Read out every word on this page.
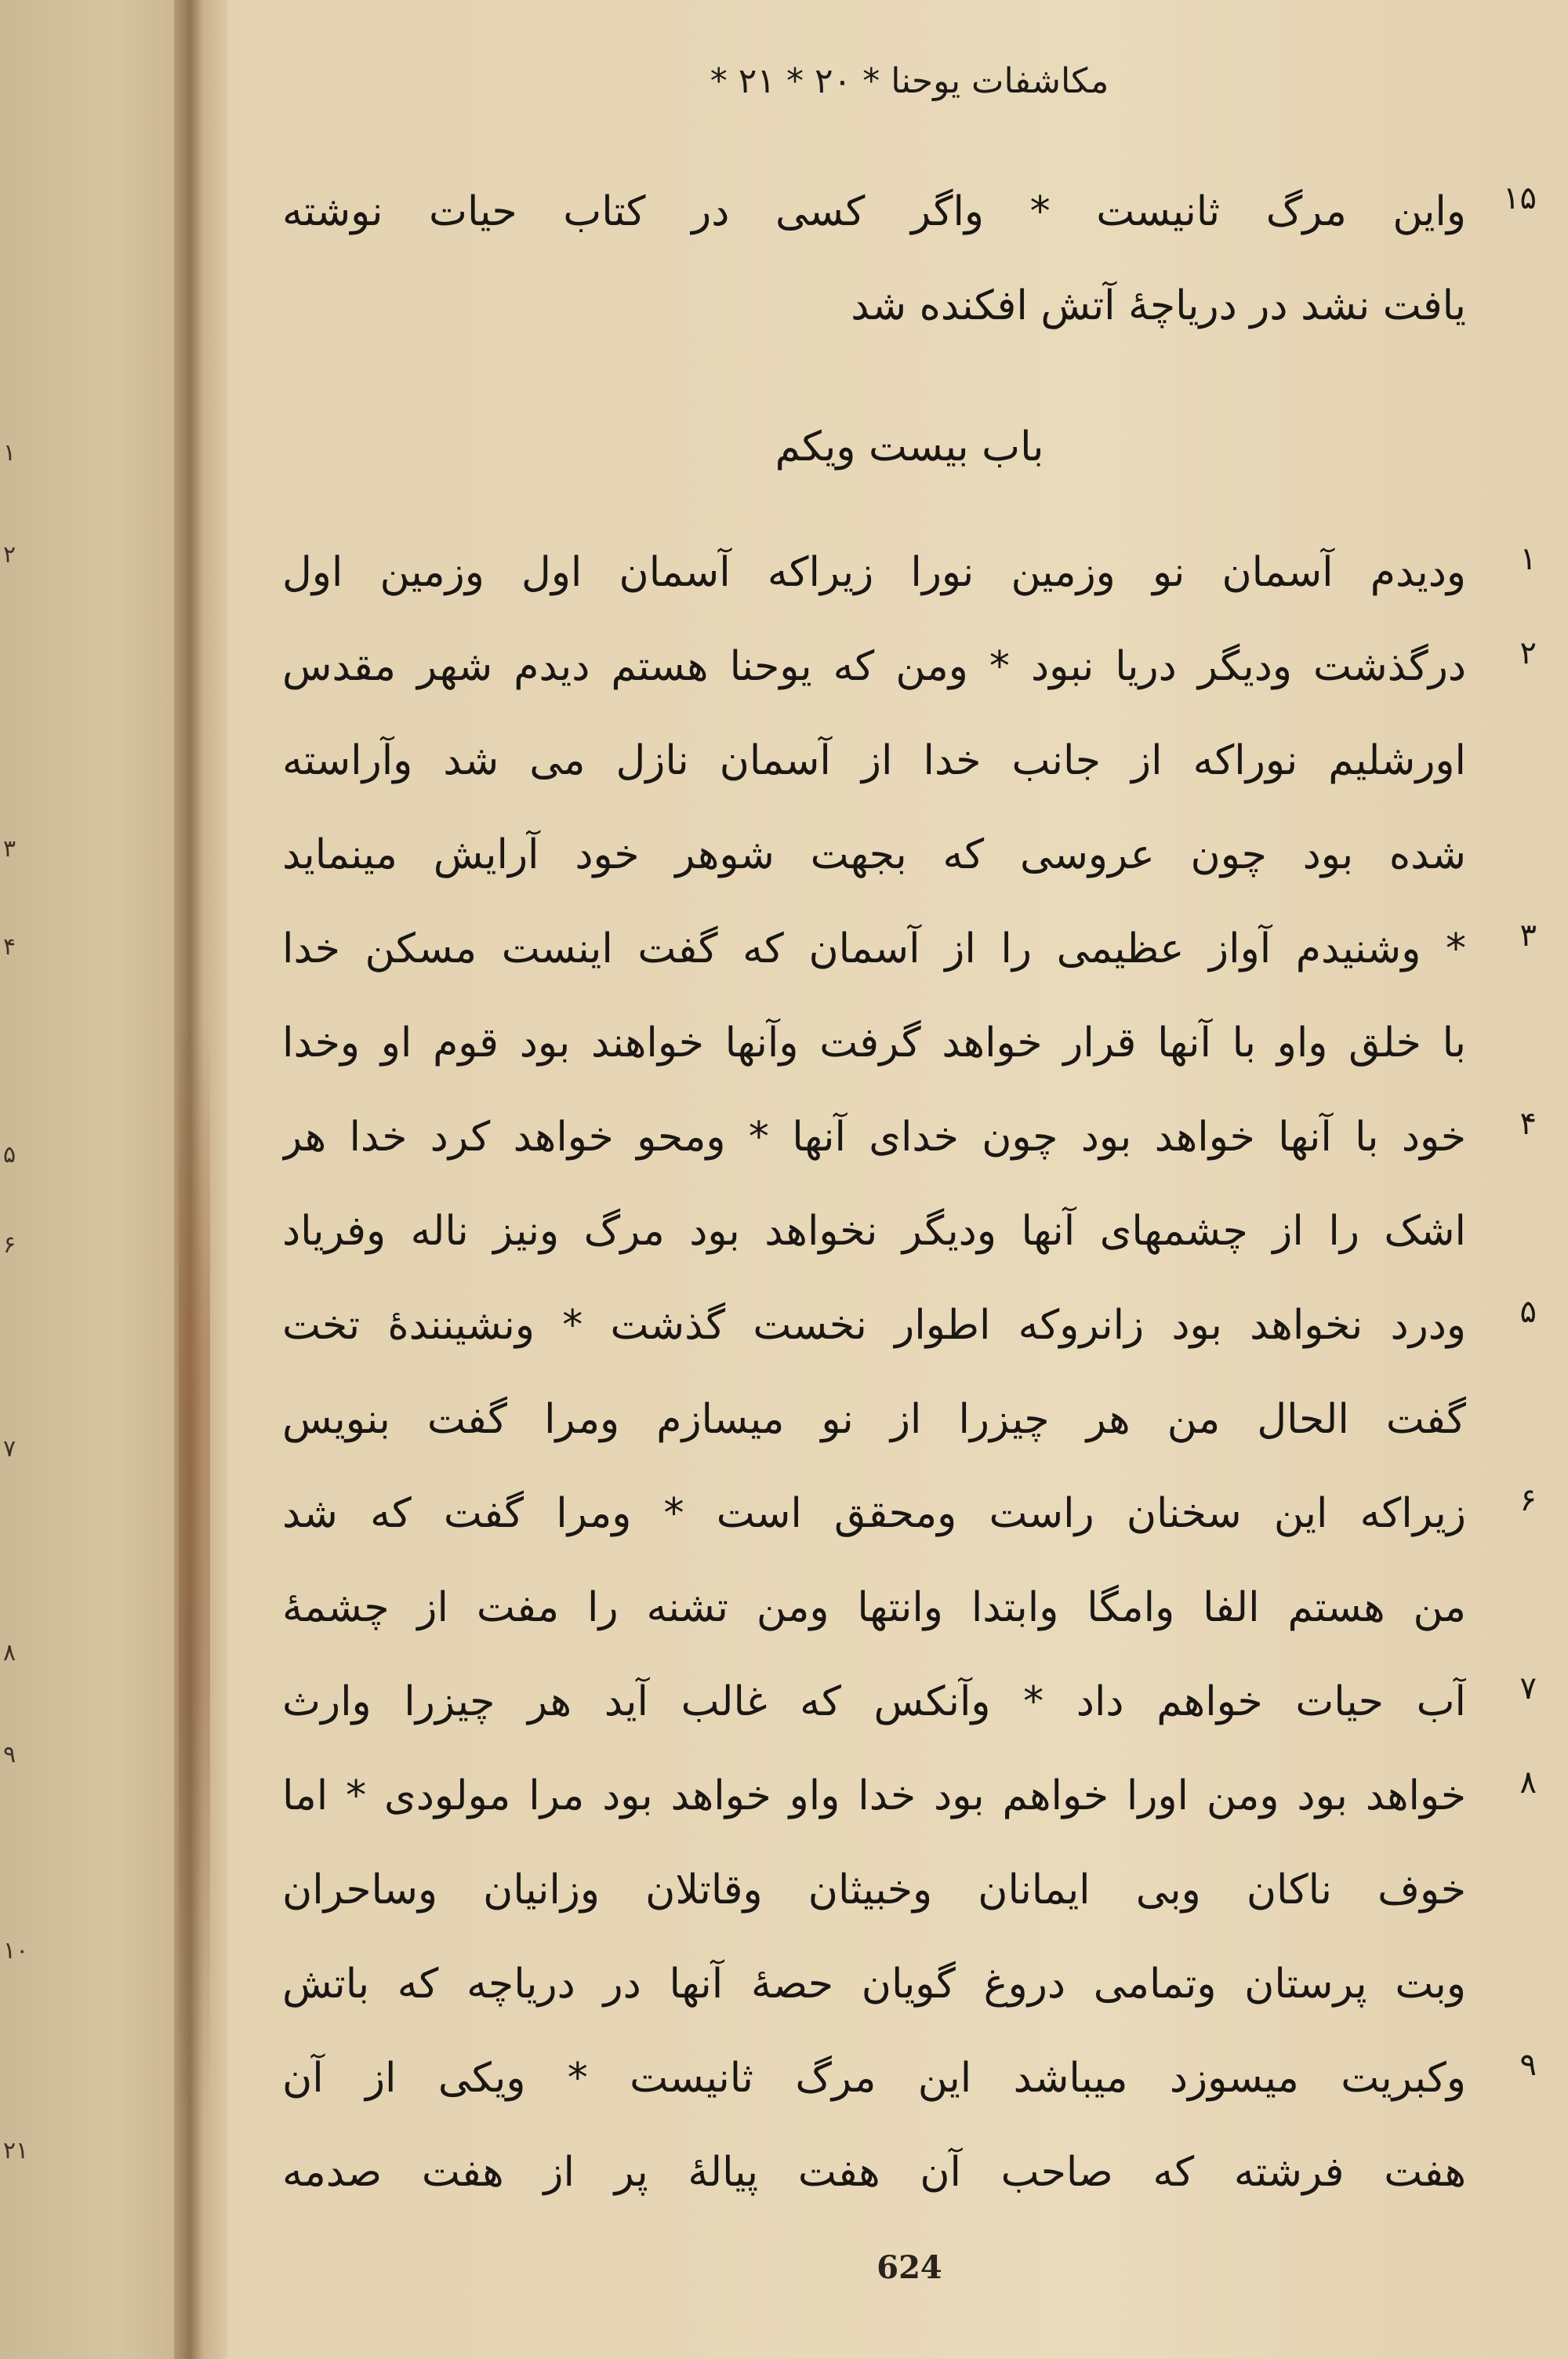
۱
۲
۳
۴
۵
۶
۷
۸
۹
۱۰
۲۱
مکاشفات یوحنا * ۲۰ * ۲۱ *
۱۵
واین مرگ ثانیست * واگر کسی در کتاب حیات نوشته
یافت نشد در دریاچهٔ آتش افکنده شد
باب بیست ویکم
۱
۲
۳
۴
۵
۶
۷
۸
۹
ودیدم آسمان نو وزمین نورا زیراکه آسمان اول وزمین اول
درگذشت ودیگر دریا نبود * ومن که یوحنا هستم دیدم شهر مقدس
اورشلیم نوراکه از جانب خدا از آسمان نازل می شد وآراسته
شده بود چون عروسی که بجهت شوهر خود آرایش مینماید
* وشنیدم آواز عظیمی را از آسمان که گفت اینست مسکن خدا
با خلق واو با آنها قرار خواهد گرفت وآنها خواهند بود قوم او وخدا
خود با آنها خواهد بود چون خدای آنها * ومحو خواهد کرد خدا هر
اشک را از چشمهای آنها ودیگر نخواهد بود مرگ ونیز ناله وفریاد
ودرد نخواهد بود زانروکه اطوار نخست گذشت * ونشینندهٔ تخت
گفت الحال من هر چیزرا از نو میسازم ومرا گفت بنویس
زیراکه این سخنان راست ومحقق است * ومرا گفت که شد
من هستم الفا وامگا وابتدا وانتها ومن تشنه را مفت از چشمهٔ
آب حیات خواهم داد * وآنکس که غالب آید هر چیزرا وارث
خواهد بود ومن اورا خواهم بود خدا واو خواهد بود مرا مولودی * اما
خوف ناکان وبی ایمانان وخبیثان وقاتلان وزانیان وساحران
وبت پرستان وتمامی دروغ گویان حصهٔ آنها در دریاچه که باتش
وکبریت میسوزد میباشد این مرگ ثانیست * ویکی از آن
هفت فرشته که صاحب آن هفت پیالهٔ پر از هفت صدمه
624
